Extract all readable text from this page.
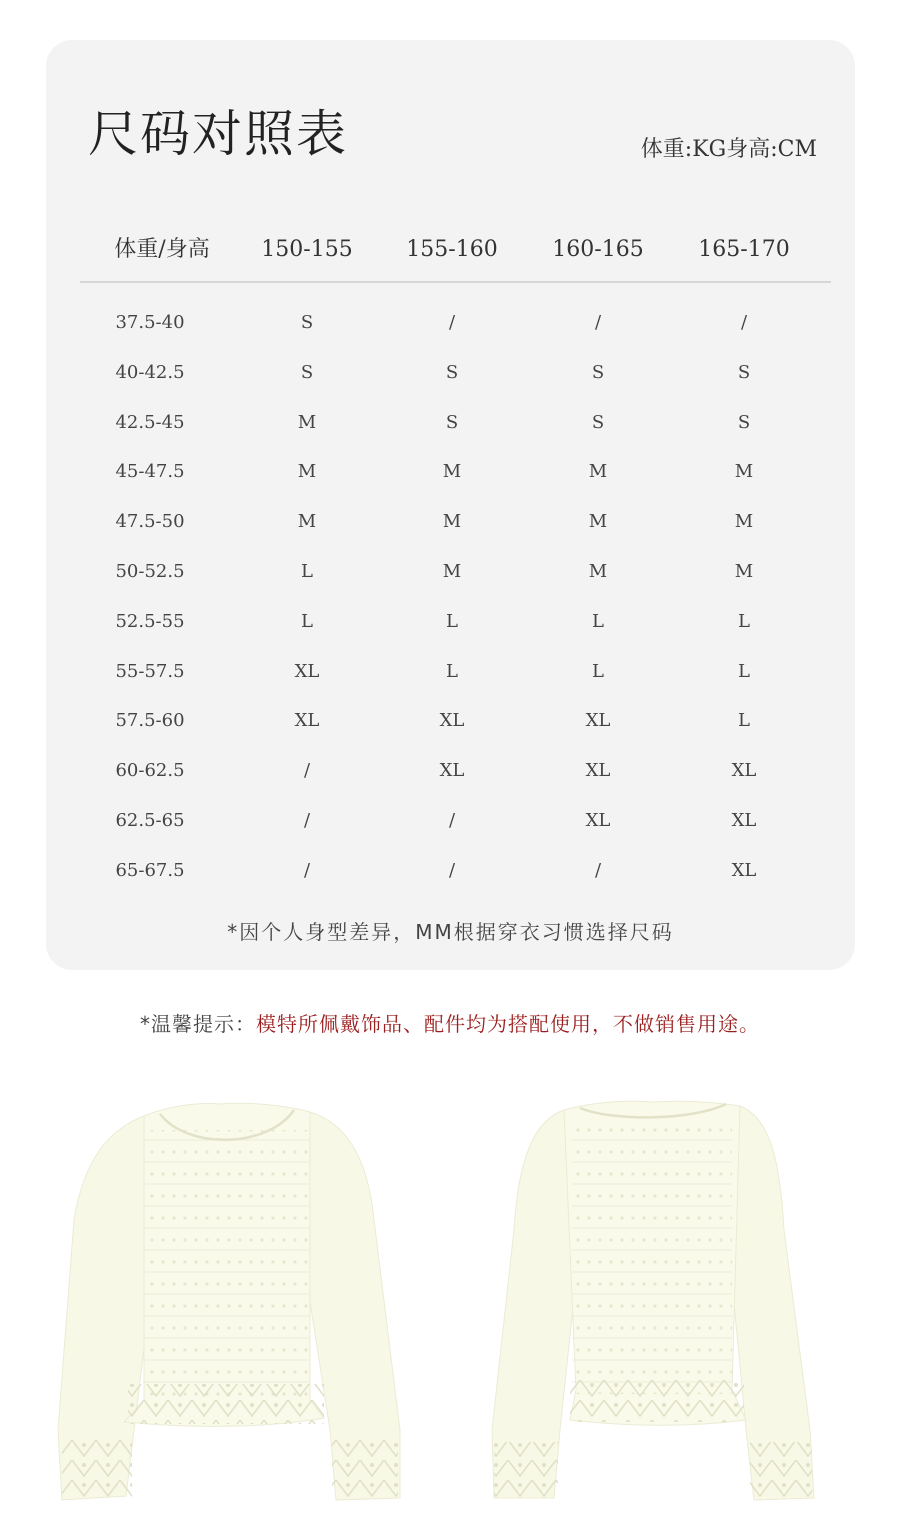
尺码对照表	体重:KG身高:CM
体重/身高 150-155 155-160 160-165 165-170
37.5-40	S	/	/	/
40-42.5	S	S	S	S
42.5-45	M	S	S	S
45-47.5	M	M	M	M
47.5-50	M	M	M	M
50-52.5	L	M	M	M
52.5-55	L	L	L	L
55-57.5	XL	L	L	L
57.5-60	XL	XL	XL	L
60-62.5	/	XL	XL	XL
62.5-65	/	/	XL	XL
65-67.5	/	/	/	XL
*因个人身型差异，MM根据穿衣习惯选择尺码
*温馨提示：模特所佩戴饰品、配件均为搭配使用，不做销售用途。
